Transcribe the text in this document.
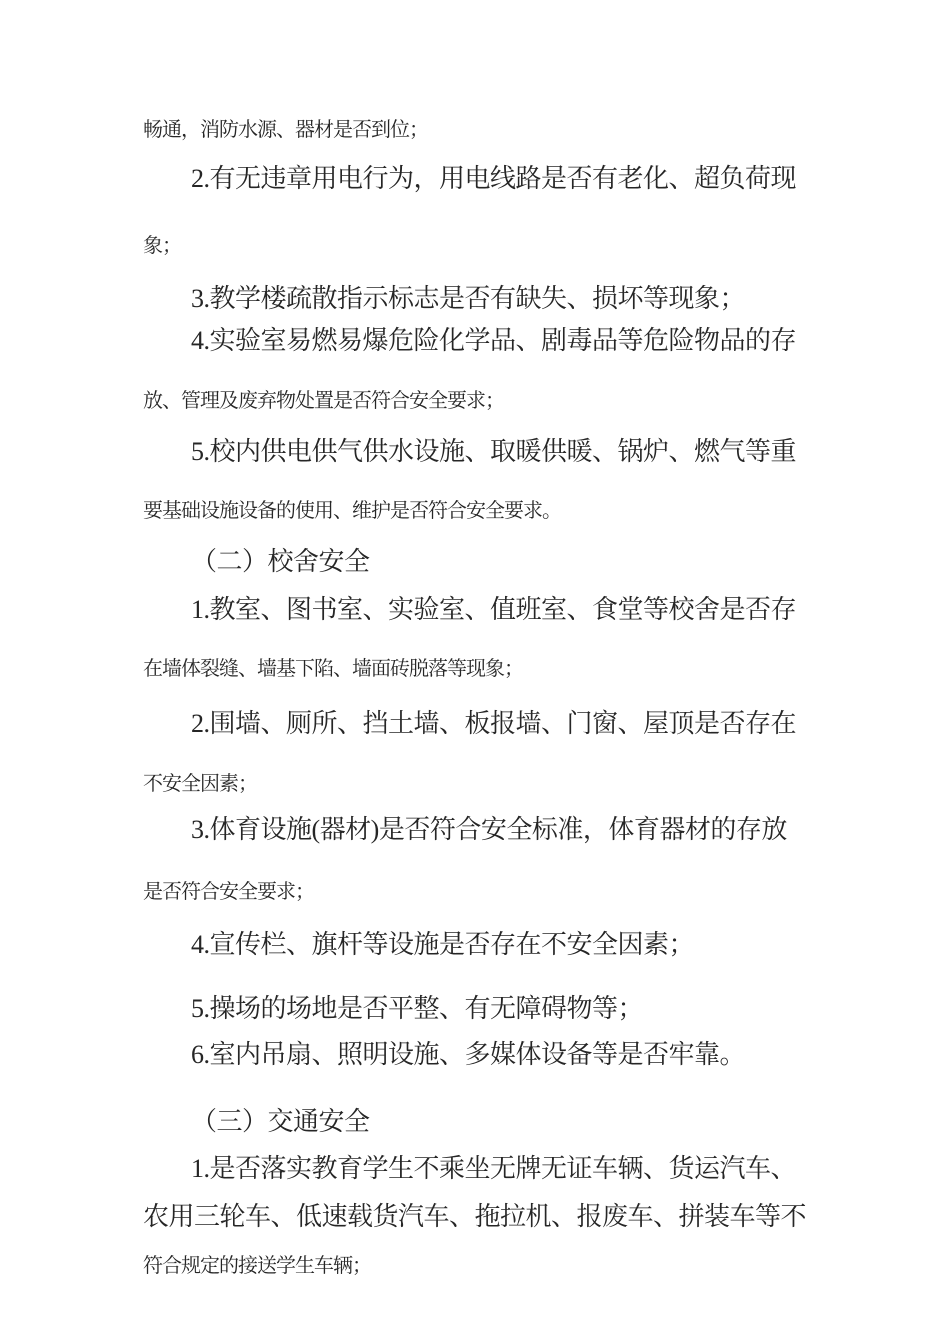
畅通，消防水源、器材是否到位；
2.有无违章用电行为，用电线路是否有老化、超负荷现
象；
3.教学楼疏散指示标志是否有缺失、损坏等现象；
4.实验室易燃易爆危险化学品、剧毒品等危险物品的存
放、管理及废弃物处置是否符合安全要求；
5.校内供电供气供水设施、取暖供暖、锅炉、燃气等重
要基础设施设备的使用、维护是否符合安全要求。
（二）校舍安全
1.教室、图书室、实验室、值班室、食堂等校舍是否存
在墙体裂缝、墙基下陷、墙面砖脱落等现象；
2.围墙、厕所、挡土墙、板报墙、门窗、屋顶是否存在
不安全因素；
3.体育设施(器材)是否符合安全标准，体育器材的存放
是否符合安全要求；
4.宣传栏、旗杆等设施是否存在不安全因素；
5.操场的场地是否平整、有无障碍物等；
6.室内吊扇、照明设施、多媒体设备等是否牢靠。
（三）交通安全
1.是否落实教育学生不乘坐无牌无证车辆、货运汽车、
农用三轮车、低速载货汽车、拖拉机、报废车、拼装车等不
符合规定的接送学生车辆；
